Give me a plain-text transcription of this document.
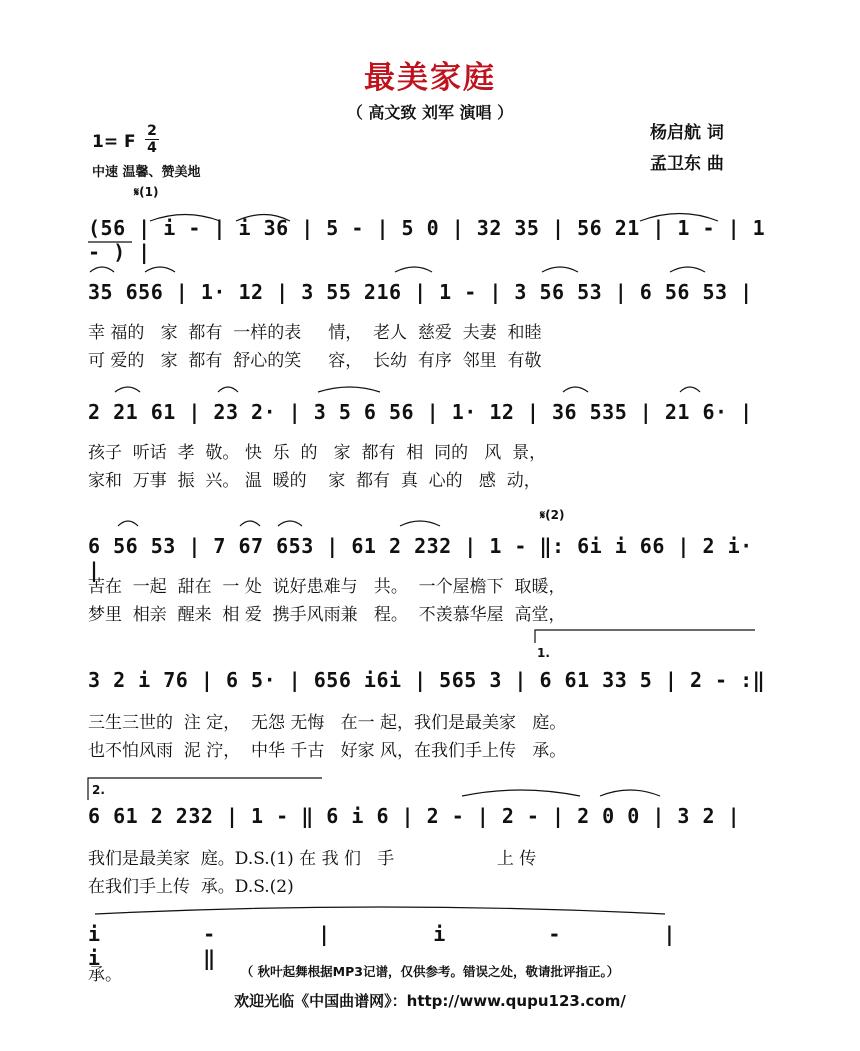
最美家庭
（ 高文致 刘军 演唱 ）
1= F
2
4
中速 温馨、赞美地
杨启航 词
孟卫东 曲
𝄋(1)
(56 | i - | i 36 | 5 - | 5 0 | 32 35 | 56 21 | 1 - | 1 - ) |
35 656 | 1· 12 | 3 55 216 | 1 - | 3 56 53 | 6 56 53 |
幸 福的   家  都有  一样的表     情，  老人  慈爱  夫妻  和睦
可 爱的   家  都有  舒心的笑     容，  长幼  有序  邻里  有敬
2 21 61 | 23 2· | 3 5 6 56 | 1· 12 | 36 535 | 21 6· |
孩子  听话  孝  敬。 快  乐  的   家  都有  相  同的   风  景，
家和  万事  振  兴。 温  暖的    家  都有  真  心的   感  动，
𝄋(2)
6 56 53 | 7 67 653 | 61 2 232 | 1 - ‖: 6i i 66 | 2 i· |
苦在  一起  甜在  一 处  说好患难与   共。  一个屋檐下  取暖，
梦里  相亲  醒来  相 爱  携手风雨兼   程。  不羡慕华屋  高堂，
1.
3 2 i 76 | 6 5· | 656 i6i | 565 3 | 6 61 33 5 | 2 - :‖
三生三世的  注 定，  无怨 无悔   在一 起，我们是最美家   庭。
也不怕风雨  泥 泞，  中华 千古   好家 风，在我们手上传   承。
2.
6 61 2 232 | 1 - ‖ 6 i 6 | 2 - | 2 - | 2 0 0 | 3 2 |
我们是最美家  庭。D.S.(1) 在 我 们   手                   上 传
在我们手上传  承。D.S.(2)
i - | i - | i ‖
承。	（ 秋叶起舞根据MP3记谱，仅供参考。错误之处，敬请批评指正。）
欢迎光临《中国曲谱网》：http://www.qupu123.com/
